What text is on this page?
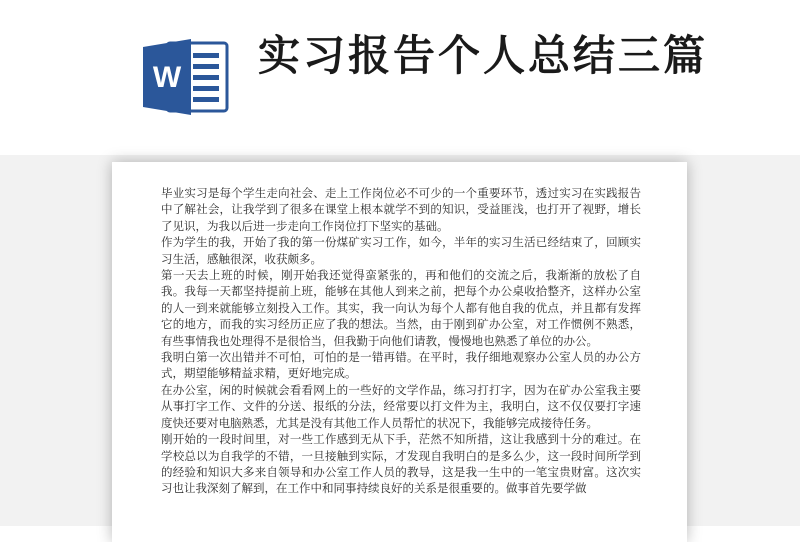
W 实习报告个人总结三篇

毕业实习是每个学生走向社会、走上工作岗位必不可少的一个重要环节，透过实习在实践报告中了解社会，让我学到了很多在课堂上根本就学不到的知识，受益匪浅，也打开了视野，增长了见识，为我以后进一步走向工作岗位打下坚实的基础。

作为学生的我，开始了我的第一份煤矿实习工作，如今，半年的实习生活已经结束了，回顾实习生活，感触很深，收获颇多。

第一天去上班的时候，刚开始我还觉得蛮紧张的，再和他们的交流之后，我渐渐的放松了自我。我每一天都坚持提前上班，能够在其他人到来之前，把每个办公桌收拾整齐，这样办公室的人一到来就能够立刻投入工作。其实，我一向认为每个人都有他自我的优点，并且都有发挥它的地方，而我的实习经历正应了我的想法。当然，由于刚到矿办公室，对工作惯例不熟悉，有些事情我也处理得不是很恰当，但我勤于向他们请教，慢慢地也熟悉了单位的办公。

我明白第一次出错并不可怕，可怕的是一错再错。在平时，我仔细地观察办公室人员的办公方式，期望能够精益求精，更好地完成。

在办公室，闲的时候就会看看网上的一些好的文学作品，练习打打字，因为在矿办公室我主要从事打字工作、文件的分送、报纸的分法，经常要以打文件为主，我明白，这不仅仅要打字速度快还要对电脑熟悉，尤其是没有其他工作人员帮忙的状况下，我能够完成接待任务。

刚开始的一段时间里，对一些工作感到无从下手，茫然不知所措，这让我感到十分的难过。在学校总以为自我学的不错，一旦接触到实际，才发现自我明白的是多么少，这一段时间所学到的经验和知识大多来自领导和办公室工作人员的教导，这是我一生中的一笔宝贵财富。这次实习也让我深刻了解到，在工作中和同事持续良好的关系是很重要的。做事首先要学做
